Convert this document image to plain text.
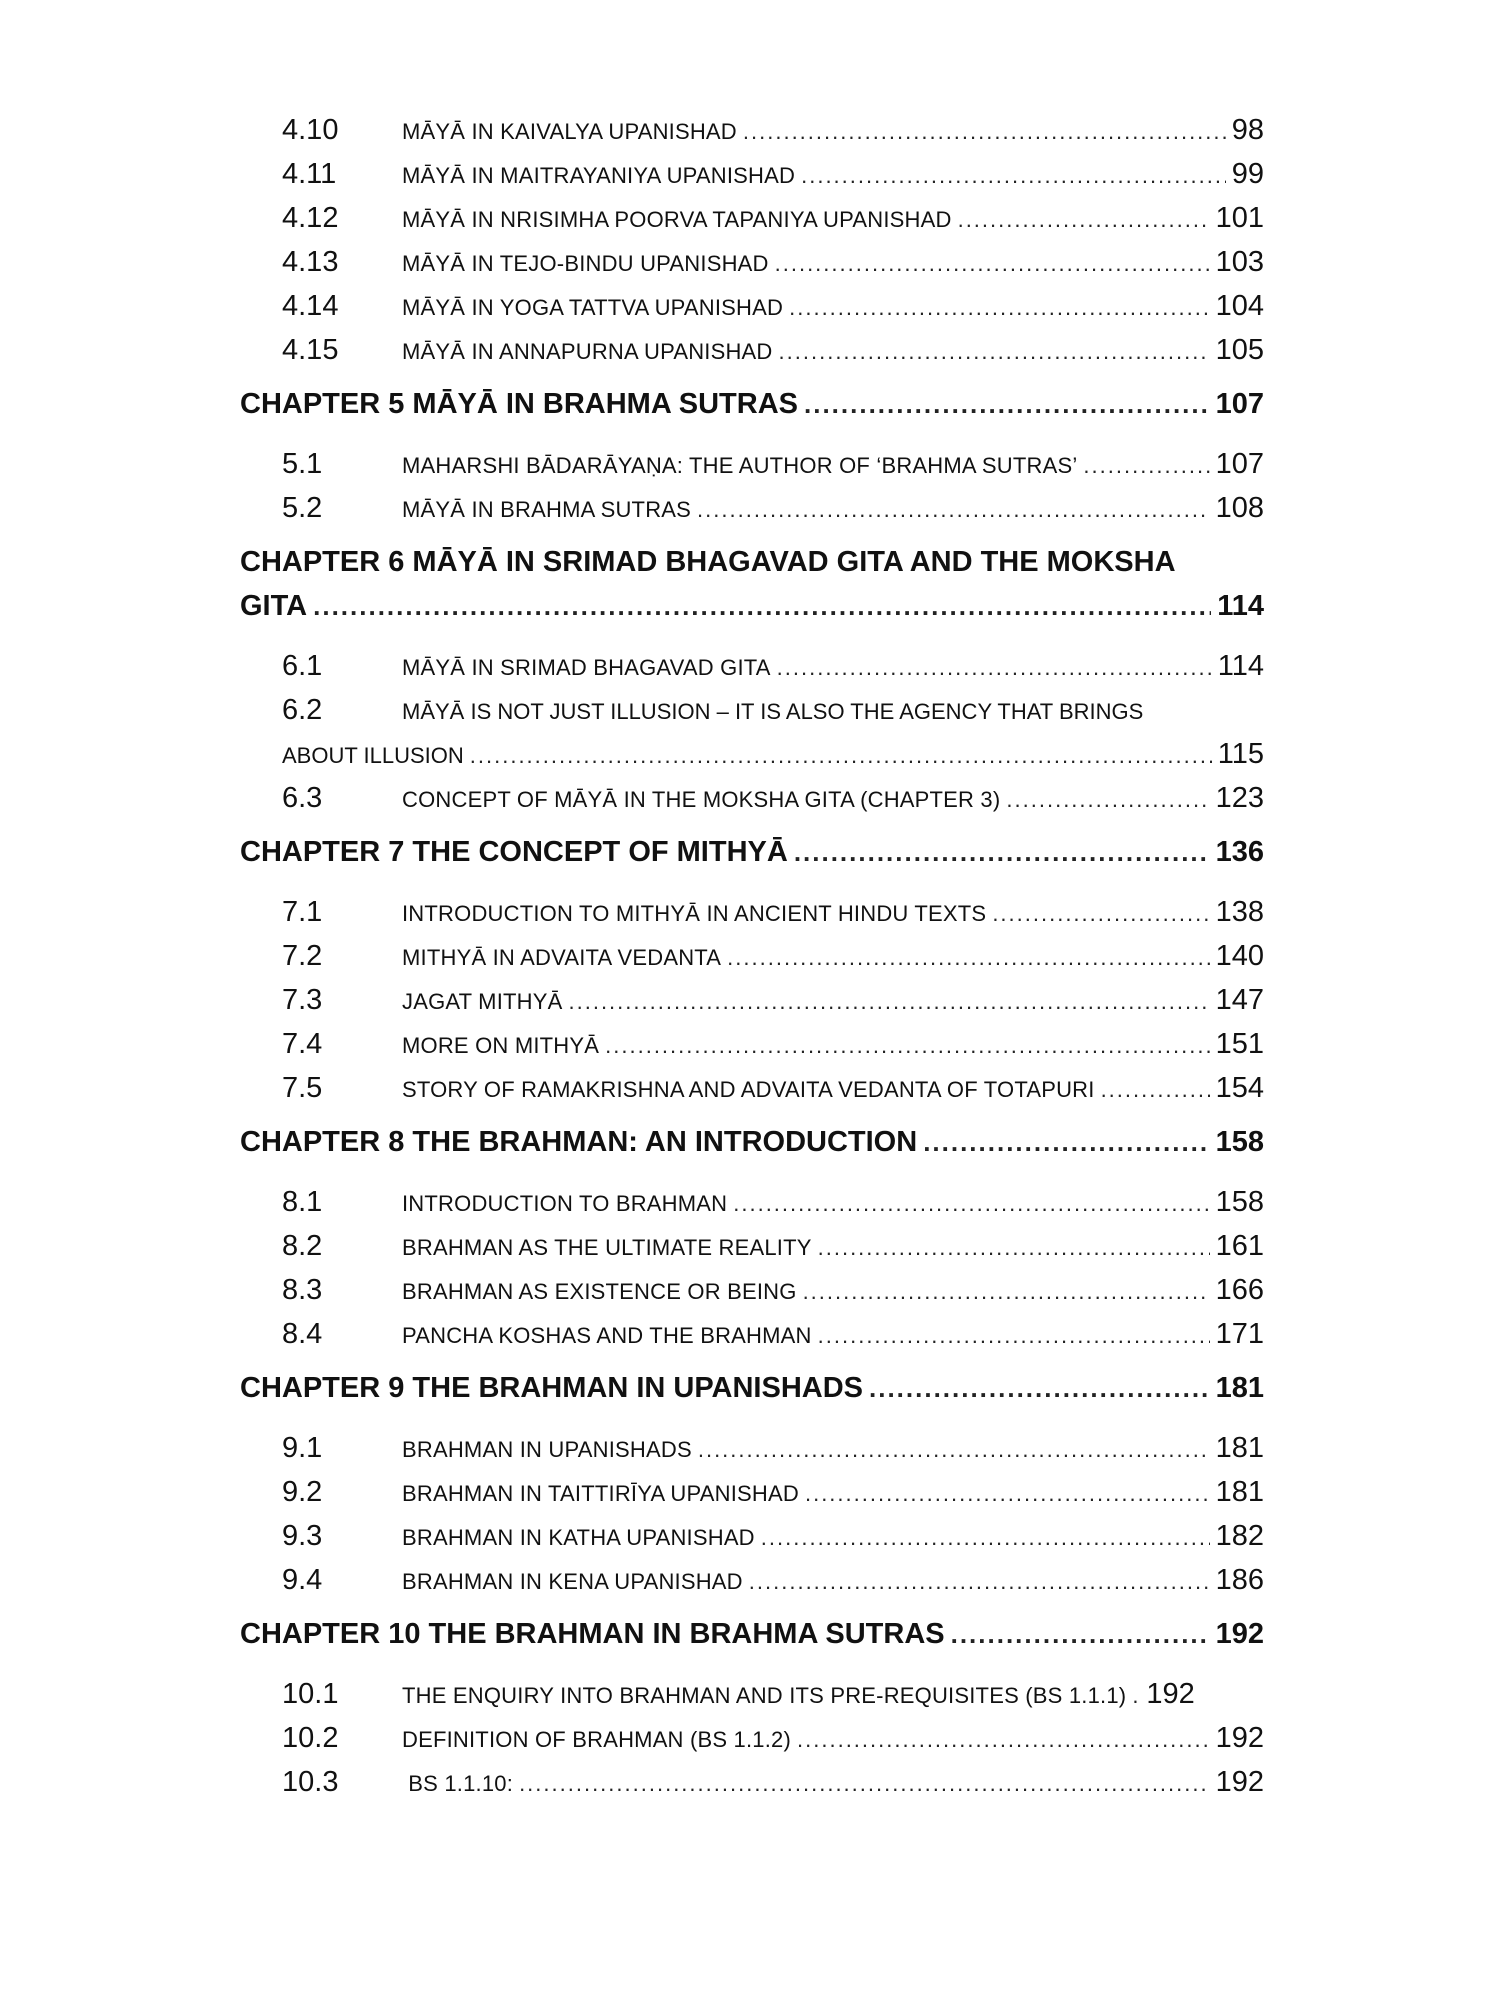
4.10	MĀYĀ IN KAIVALYA UPANISHAD .....	98
4.11	MĀYĀ IN MAITRAYANIYA UPANISHAD .....	99
4.12	MĀYĀ IN NRISIMHA POORVA TAPANIYA UPANISHAD .....	101
4.13	MĀYĀ IN TEJO-BINDU UPANISHAD .....	103
4.14	MĀYĀ IN YOGA TATTVA UPANISHAD .....	104
4.15	MĀYĀ IN ANNAPURNA UPANISHAD .....	105
CHAPTER 5 MĀYĀ IN BRAHMA SUTRAS .....	107
5.1	MAHARSHI BĀDARĀYAṆA: THE AUTHOR OF ‘BRAHMA SUTRAS’ .....	107
5.2	MĀYĀ IN BRAHMA SUTRAS .....	108
CHAPTER 6 MĀYĀ IN SRIMAD BHAGAVAD GITA AND THE MOKSHA
GITA .....	114
6.1	MĀYĀ IN SRIMAD BHAGAVAD GITA .....	114
6.2	MĀYĀ IS NOT JUST ILLUSION – IT IS ALSO THE AGENCY THAT BRINGS
ABOUT ILLUSION .....	115
6.3	CONCEPT OF MĀYĀ IN THE MOKSHA GITA (CHAPTER 3) .....	123
CHAPTER 7 THE CONCEPT OF MITHYĀ .....	136
7.1	INTRODUCTION TO MITHYĀ IN ANCIENT HINDU TEXTS .....	138
7.2	MITHYĀ IN ADVAITA VEDANTA .....	140
7.3	JAGAT MITHYĀ .....	147
7.4	MORE ON MITHYĀ .....	151
7.5	STORY OF RAMAKRISHNA AND ADVAITA VEDANTA OF TOTAPURI .....	154
CHAPTER 8 THE BRAHMAN: AN INTRODUCTION .....	158
8.1	INTRODUCTION TO BRAHMAN .....	158
8.2	BRAHMAN AS THE ULTIMATE REALITY .....	161
8.3	BRAHMAN AS EXISTENCE OR BEING .....	166
8.4	PANCHA KOSHAS AND THE BRAHMAN .....	171
CHAPTER 9 THE BRAHMAN IN UPANISHADS .....	181
9.1	BRAHMAN IN UPANISHADS .....	181
9.2	BRAHMAN IN TAITTIRĪYA UPANISHAD .....	181
9.3	BRAHMAN IN KATHA UPANISHAD .....	182
9.4	BRAHMAN IN KENA UPANISHAD .....	186
CHAPTER 10 THE BRAHMAN IN BRAHMA SUTRAS .....	192
10.1	THE ENQUIRY INTO BRAHMAN AND ITS PRE-REQUISITES (BS 1.1.1) ..... 192
10.2	DEFINITION OF BRAHMAN (BS 1.1.2) .....	192
10.3	BS 1.1.10: .....	192
